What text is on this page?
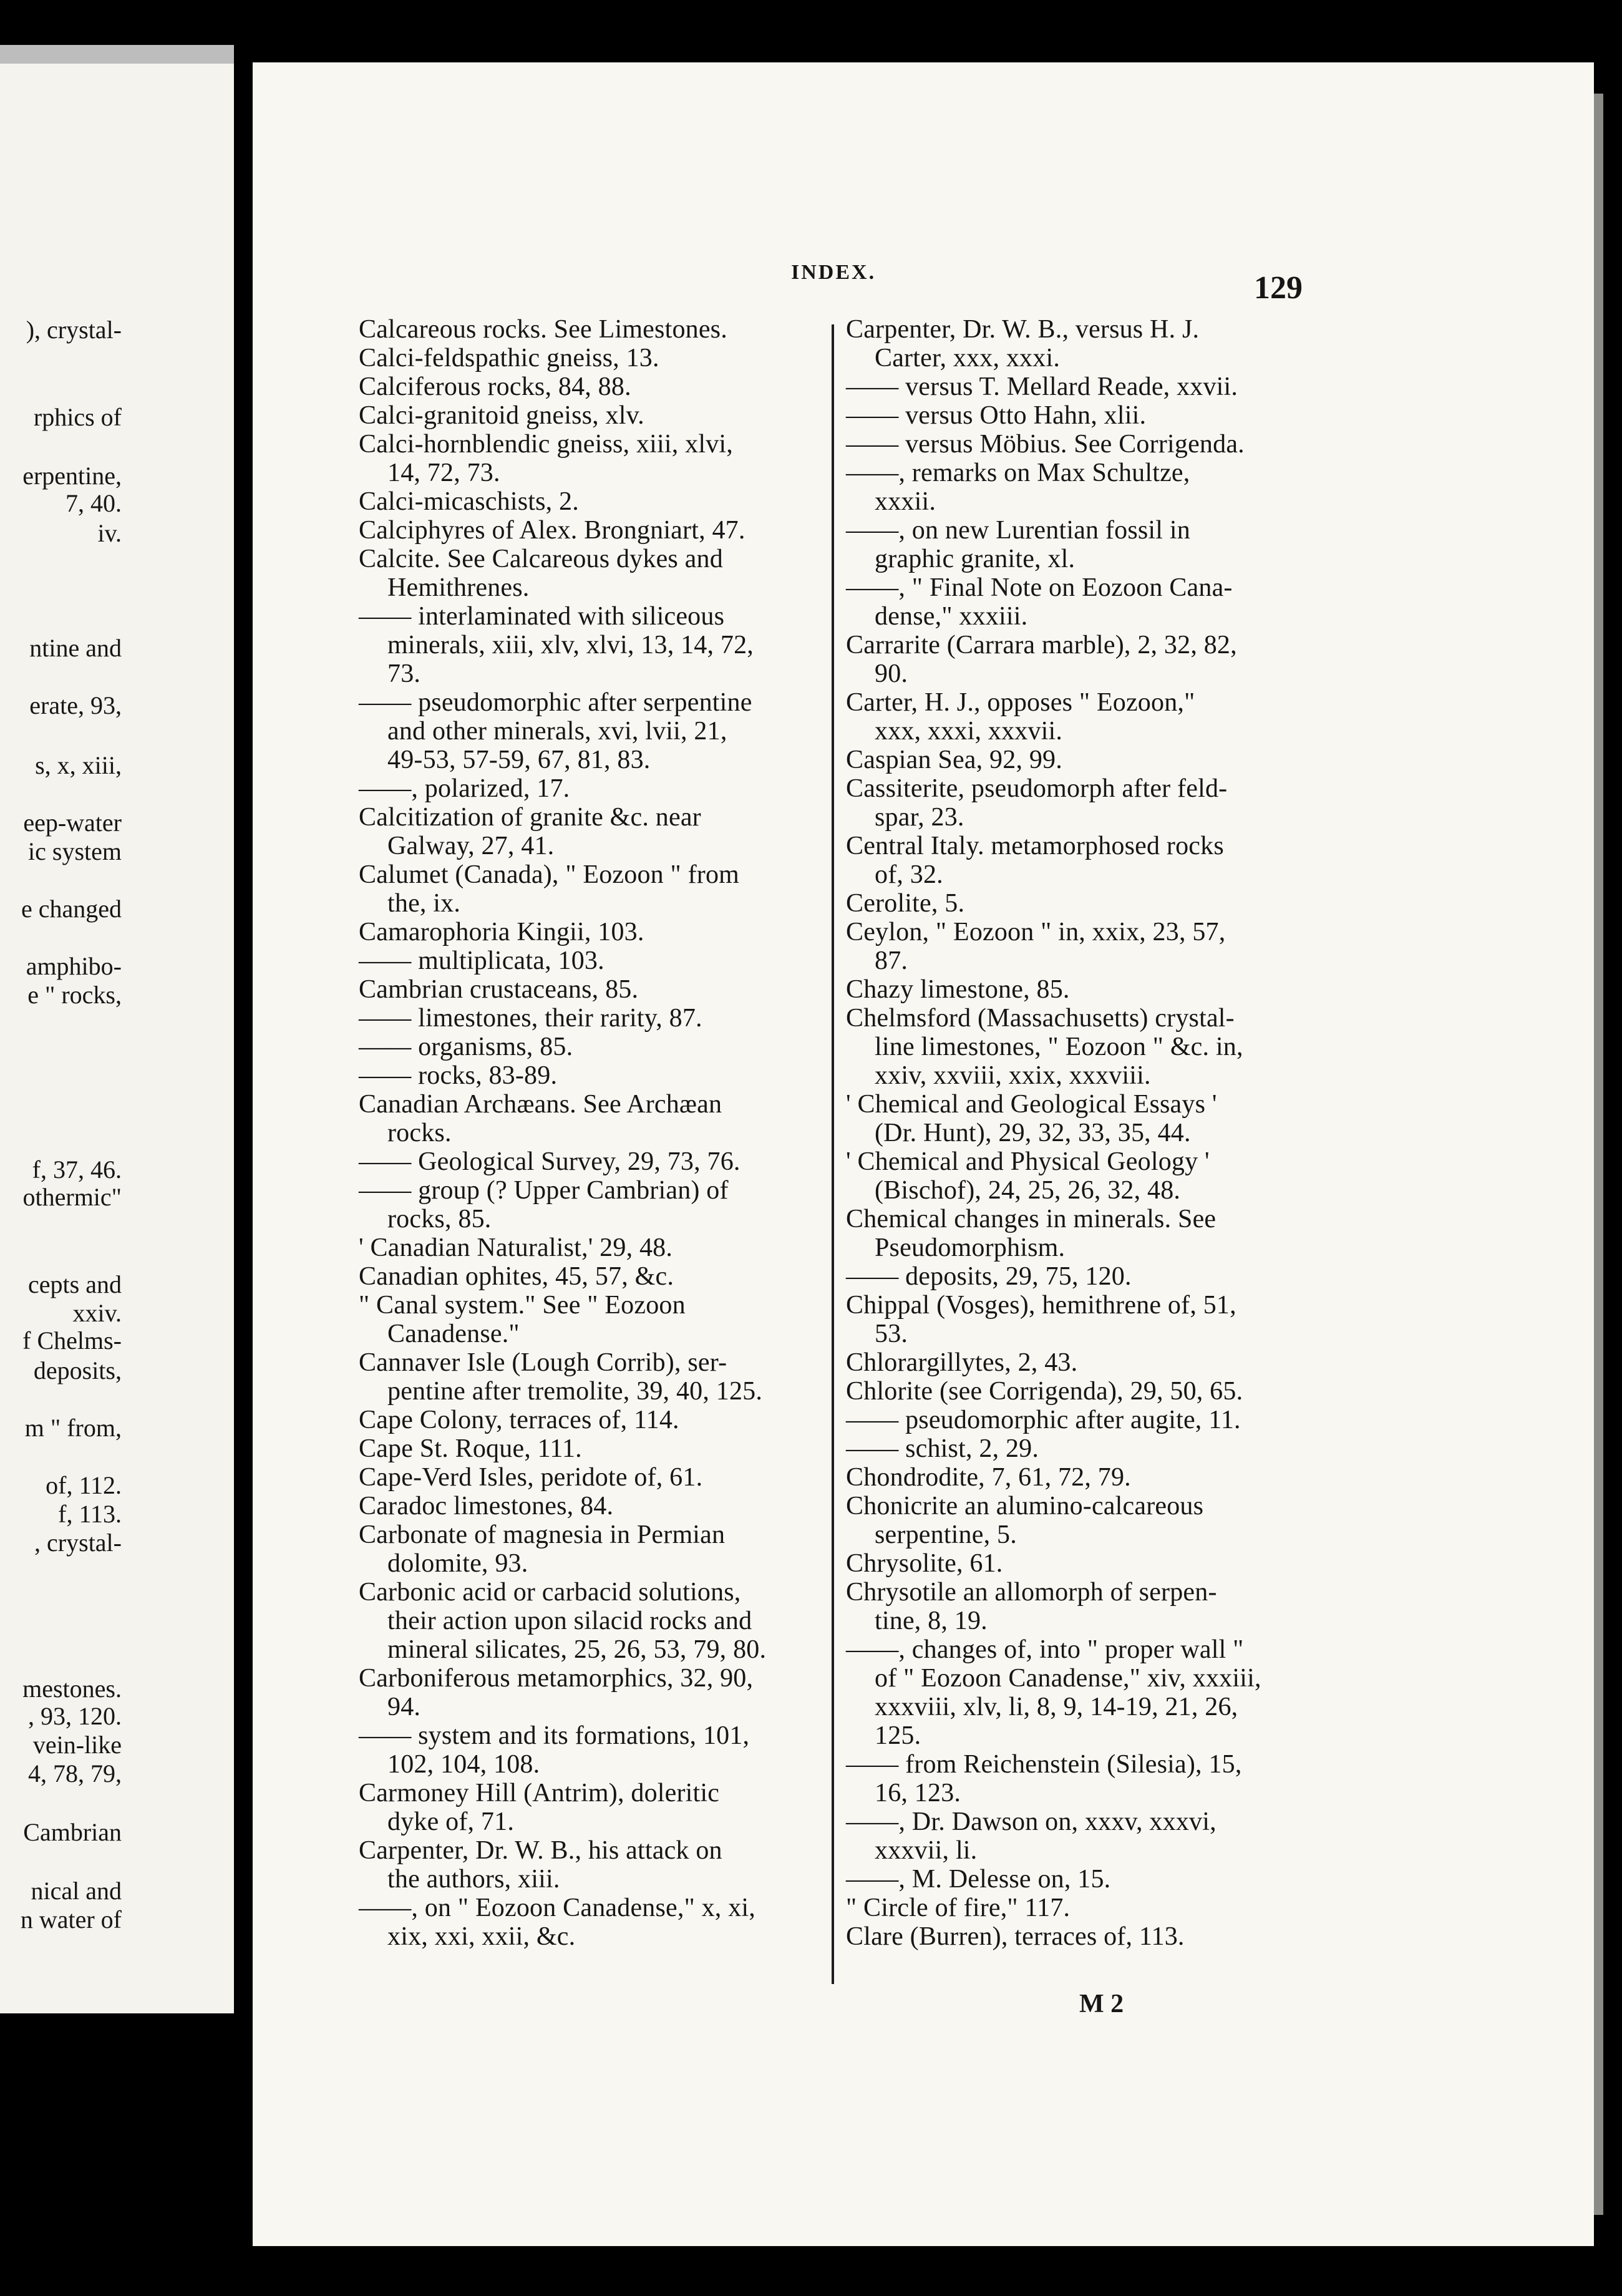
), crystal-
rphics of
erpentine,
7, 40.
iv.
ntine and
erate, 93,
s, x, xiii,
eep-water
ic system
e changed
amphibo-
e " rocks,
f, 37, 46.
othermic"
cepts and
xxiv.
f Chelms-
deposits,
m " from,
of, 112.
f, 113.
, crystal-
mestones.
, 93, 120.
vein-like
4, 78, 79,
Cambrian
nical and
n water of
INDEX.	129
Calcareous rocks. See Limestones.
Calci-feldspathic gneiss, 13.
Calciferous rocks, 84, 88.
Calci-granitoid gneiss, xlv.
Calci-hornblendic gneiss, xiii, xlvi,
14, 72, 73.
Calci-micaschists, 2.
Calciphyres of Alex. Brongniart, 47.
Calcite. See Calcareous dykes and
Hemithrenes.
—— interlaminated with siliceous
minerals, xiii, xlv, xlvi, 13, 14, 72,
73.
—— pseudomorphic after serpentine
and other minerals, xvi, lvii, 21,
49-53, 57-59, 67, 81, 83.
——, polarized, 17.
Calcitization of granite &c. near
Galway, 27, 41.
Calumet (Canada), " Eozoon " from
the, ix.
Camarophoria Kingii, 103.
—— multiplicata, 103.
Cambrian crustaceans, 85.
—— limestones, their rarity, 87.
—— organisms, 85.
—— rocks, 83-89.
Canadian Archæans. See Archæan
rocks.
—— Geological Survey, 29, 73, 76.
—— group (? Upper Cambrian) of
rocks, 85.
' Canadian Naturalist,' 29, 48.
Canadian ophites, 45, 57, &c.
" Canal system." See " Eozoon
Canadense."
Cannaver Isle (Lough Corrib), ser-
pentine after tremolite, 39, 40, 125.
Cape Colony, terraces of, 114.
Cape St. Roque, 111.
Cape-Verd Isles, peridote of, 61.
Caradoc limestones, 84.
Carbonate of magnesia in Permian
dolomite, 93.
Carbonic acid or carbacid solutions,
their action upon silacid rocks and
mineral silicates, 25, 26, 53, 79, 80.
Carboniferous metamorphics, 32, 90,
94.
—— system and its formations, 101,
102, 104, 108.
Carmoney Hill (Antrim), doleritic
dyke of, 71.
Carpenter, Dr. W. B., his attack on
the authors, xiii.
——, on " Eozoon Canadense," x, xi,
xix, xxi, xxii, &c.
Carpenter, Dr. W. B., versus H. J.
Carter, xxx, xxxi.
—— versus T. Mellard Reade, xxvii.
—— versus Otto Hahn, xlii.
—— versus Möbius. See Corrigenda.
——, remarks on Max Schultze,
xxxii.
——, on new Lurentian fossil in
graphic granite, xl.
——, " Final Note on Eozoon Cana-
dense," xxxiii.
Carrarite (Carrara marble), 2, 32, 82,
90.
Carter, H. J., opposes " Eozoon,"
xxx, xxxi, xxxvii.
Caspian Sea, 92, 99.
Cassiterite, pseudomorph after feld-
spar, 23.
Central Italy. metamorphosed rocks
of, 32.
Cerolite, 5.
Ceylon, " Eozoon " in, xxix, 23, 57,
87.
Chazy limestone, 85.
Chelmsford (Massachusetts) crystal-
line limestones, " Eozoon " &c. in,
xxiv, xxviii, xxix, xxxviii.
' Chemical and Geological Essays '
(Dr. Hunt), 29, 32, 33, 35, 44.
' Chemical and Physical Geology '
(Bischof), 24, 25, 26, 32, 48.
Chemical changes in minerals. See
Pseudomorphism.
—— deposits, 29, 75, 120.
Chippal (Vosges), hemithrene of, 51,
53.
Chlorargillytes, 2, 43.
Chlorite (see Corrigenda), 29, 50, 65.
—— pseudomorphic after augite, 11.
—— schist, 2, 29.
Chondrodite, 7, 61, 72, 79.
Chonicrite an alumino-calcareous
serpentine, 5.
Chrysolite, 61.
Chrysotile an allomorph of serpen-
tine, 8, 19.
——, changes of, into " proper wall "
of " Eozoon Canadense," xiv, xxxiii,
xxxviii, xlv, li, 8, 9, 14-19, 21, 26,
125.
—— from Reichenstein (Silesia), 15,
16, 123.
——, Dr. Dawson on, xxxv, xxxvi,
xxxvii, li.
——, M. Delesse on, 15.
" Circle of fire," 117.
Clare (Burren), terraces of, 113.
M 2
